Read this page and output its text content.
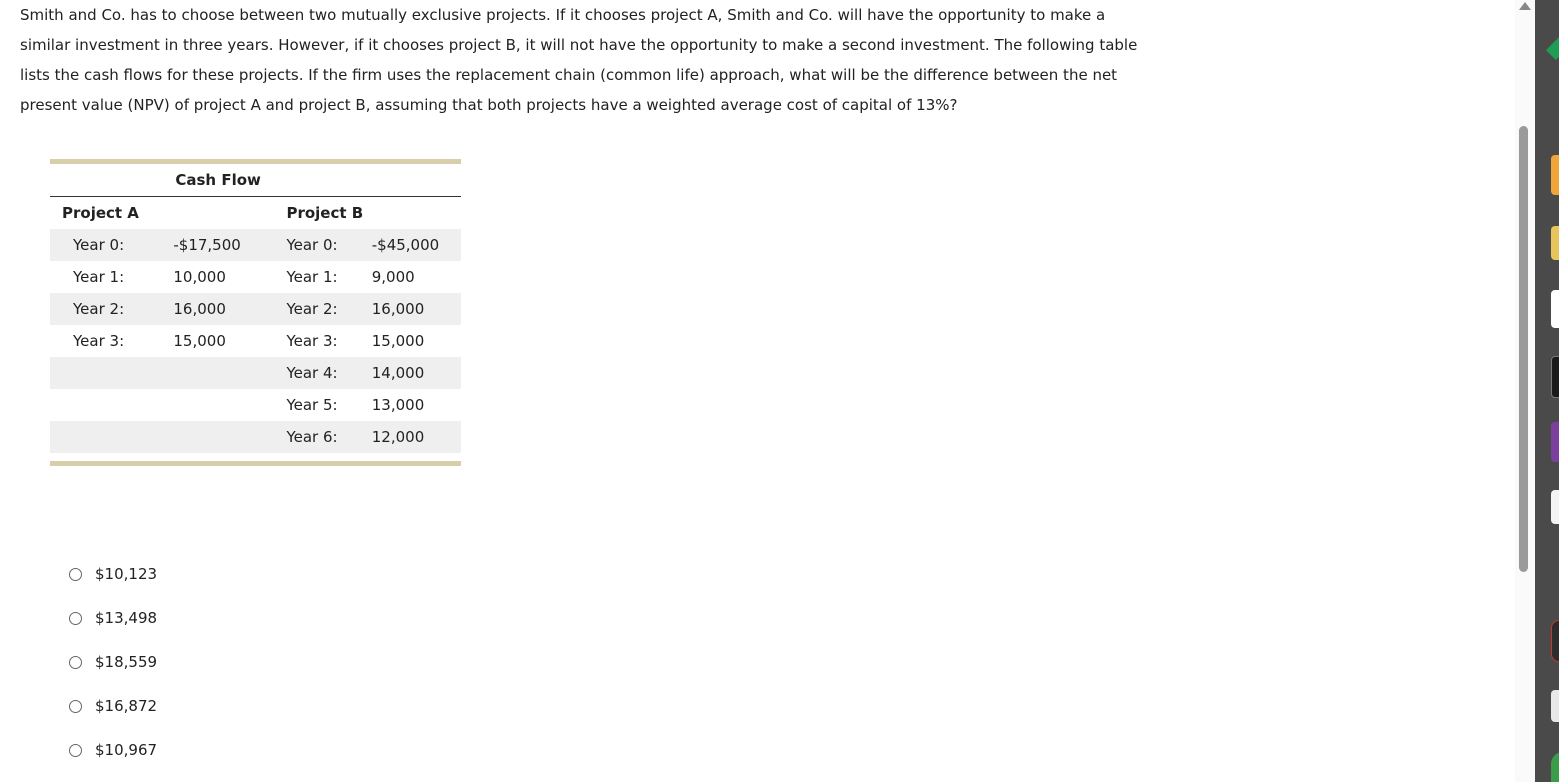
Smith and Co. has to choose between two mutually exclusive projects. If it chooses project A, Smith and Co. will have the opportunity to make a similar investment in three years. However, if it chooses project B, it will not have the opportunity to make a second investment. The following table lists the cash flows for these projects. If the firm uses the replacement chain (common life) approach, what will be the difference between the net present value (NPV) of project A and project B, assuming that both projects have a weighted average cost of capital of 13%?

	Cash Flow		
Project A		Project B	
Year 0:	-$17,500	Year 0:	-$45,000
Year 1:	10,000	Year 1:	9,000
Year 2:	16,000	Year 2:	16,000
Year 3:	15,000	Year 3:	15,000
		Year 4:	14,000
		Year 5:	13,000
		Year 6:	12,000
$10,123
$13,498
$18,559
$16,872
$10,967
